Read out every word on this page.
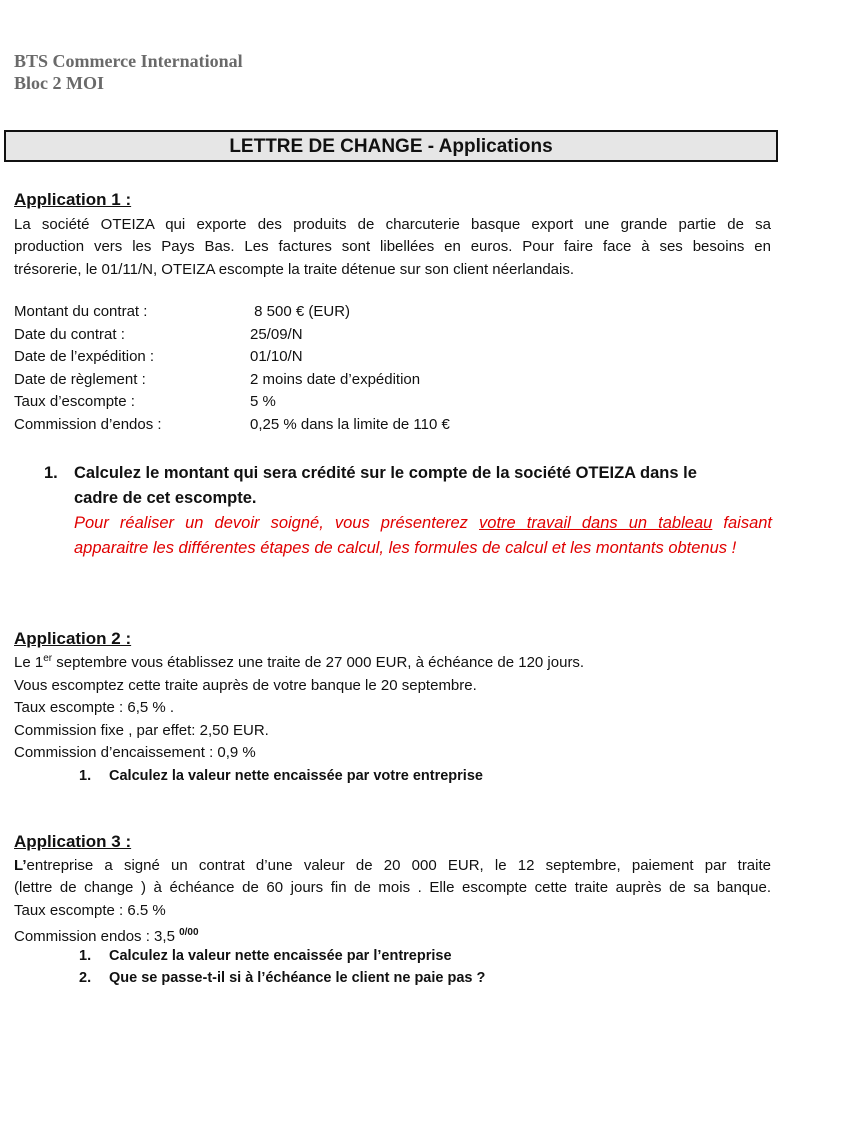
BTS Commerce International
Bloc 2 MOI
LETTRE DE CHANGE - Applications
Application 1 :
La société OTEIZA qui exporte des produits de charcuterie basque export une grande partie de sa
production vers les Pays Bas. Les factures sont libellées en euros. Pour faire face à ses besoins en
trésorerie, le 01/11/N, OTEIZA escompte la traite détenue sur son client néerlandais.
Montant du contrat :	8 500 € (EUR)
Date du contrat :	25/09/N
Date de l’expédition :	01/10/N
Date de règlement :	2 moins date d’expédition
Taux d’escompte :	5 %
Commission d’endos :	0,25 % dans la limite de 110 €
1. Calculez le montant qui sera crédité sur le compte de la société OTEIZA dans le
cadre de cet escompte.
Pour réaliser un devoir soigné, vous présenterez votre travail dans un tableau faisant apparaitre les différentes étapes de calcul, les formules de calcul et les montants obtenus !
Application 2 :
Le 1er septembre vous établissez une traite de 27 000 EUR, à échéance de 120 jours.
Vous escomptez cette traite auprès de votre banque le 20 septembre.
Taux escompte : 6,5 % .
Commission fixe , par effet: 2,50 EUR.
Commission d’encaissement : 0,9 %
1. Calculez la valeur nette encaissée par votre entreprise
Application 3 :
L’entreprise a signé un contrat d’une valeur de 20 000 EUR, le 12 septembre, paiement par traite
(lettre de change ) à échéance de 60 jours fin de mois . Elle escompte cette traite auprès de sa banque.
Taux escompte : 6.5 %
Commission endos : 3,5 $^{0/00}$
1. Calculez la valeur nette encaissée par l’entreprise
2. Que se passe-t-il si à l’échéance le client ne paie pas ?
